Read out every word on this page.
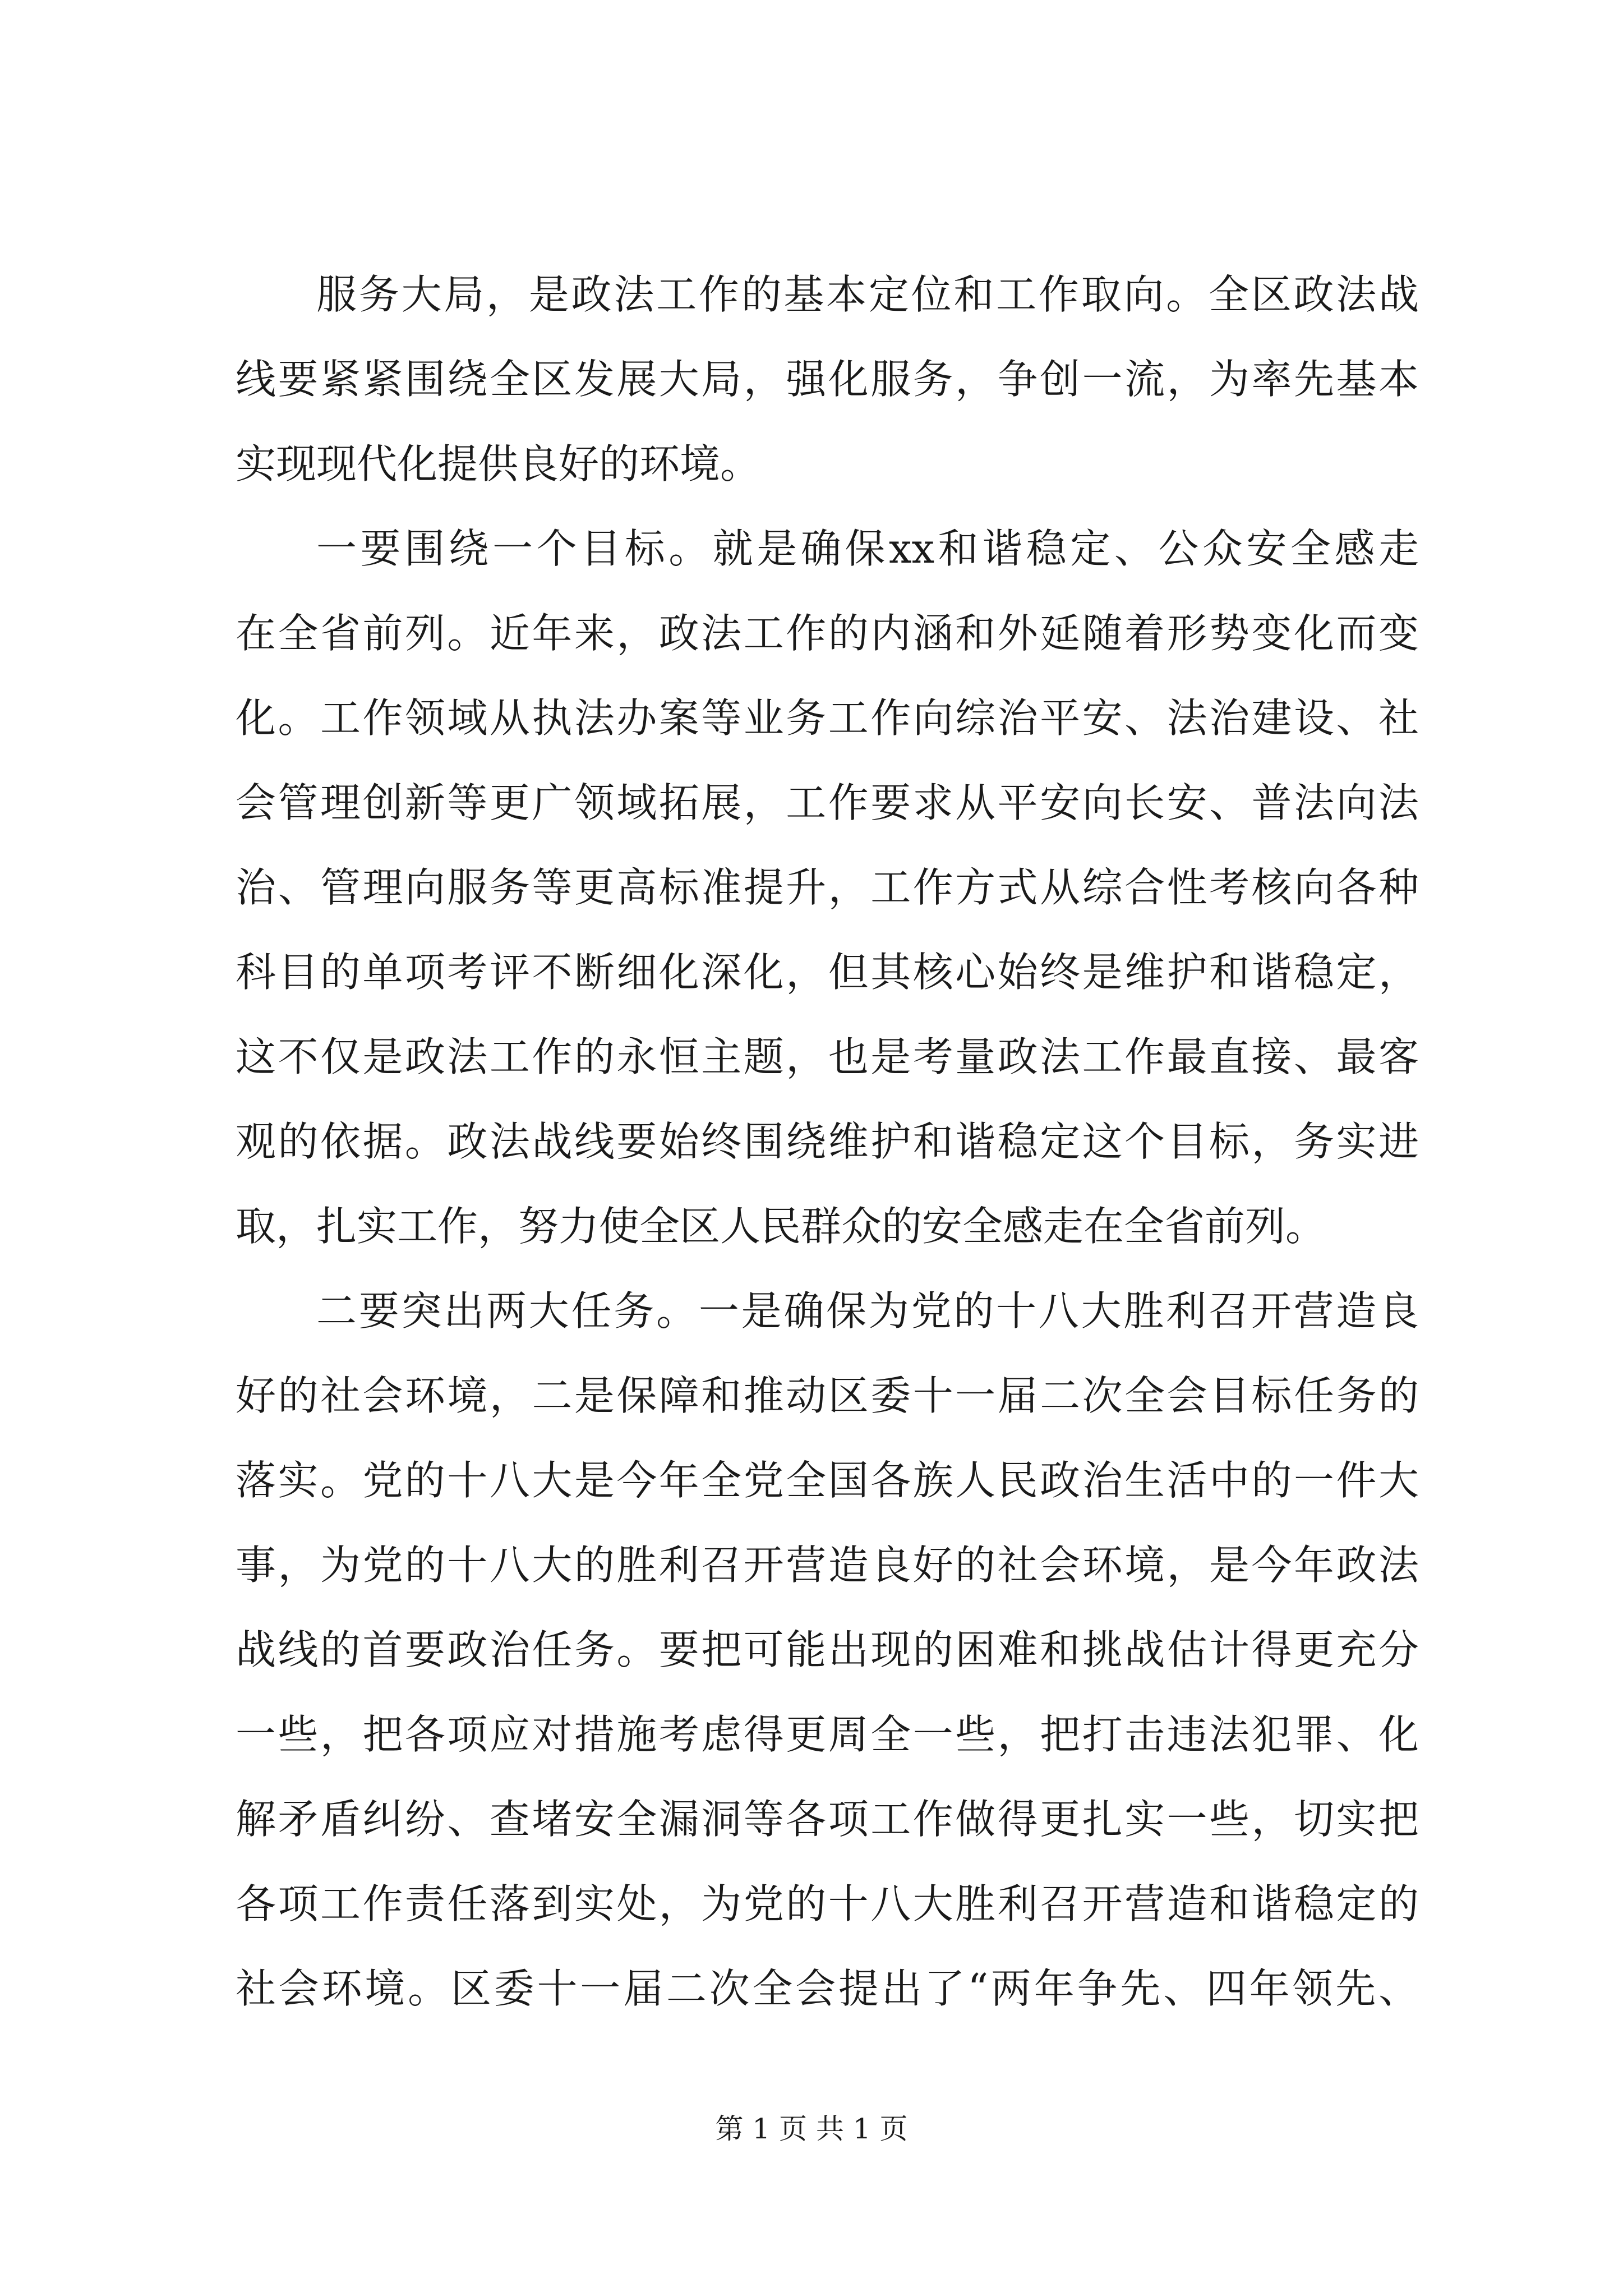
服务大局，是政法工作的基本定位和工作取向。全区政法战
线要紧紧围绕全区发展大局，强化服务，争创一流，为率先基本
实现现代化提供良好的环境。
一要围绕一个目标。就是确保xx和谐稳定、公众安全感走
在全省前列。近年来，政法工作的内涵和外延随着形势变化而变
化。工作领域从执法办案等业务工作向综治平安、法治建设、社
会管理创新等更广领域拓展，工作要求从平安向长安、普法向法
治、管理向服务等更高标准提升，工作方式从综合性考核向各种
科目的单项考评不断细化深化，但其核心始终是维护和谐稳定，
这不仅是政法工作的永恒主题，也是考量政法工作最直接、最客
观的依据。政法战线要始终围绕维护和谐稳定这个目标，务实进
取，扎实工作，努力使全区人民群众的安全感走在全省前列。
二要突出两大任务。一是确保为党的十八大胜利召开营造良
好的社会环境，二是保障和推动区委十一届二次全会目标任务的
落实。党的十八大是今年全党全国各族人民政治生活中的一件大
事，为党的十八大的胜利召开营造良好的社会环境，是今年政法
战线的首要政治任务。要把可能出现的困难和挑战估计得更充分
一些，把各项应对措施考虑得更周全一些，把打击违法犯罪、化
解矛盾纠纷、查堵安全漏洞等各项工作做得更扎实一些，切实把
各项工作责任落到实处，为党的十八大胜利召开营造和谐稳定的
社会环境。区委十一届二次全会提出了“两年争先、四年领先、
第 1 页 共 1 页
